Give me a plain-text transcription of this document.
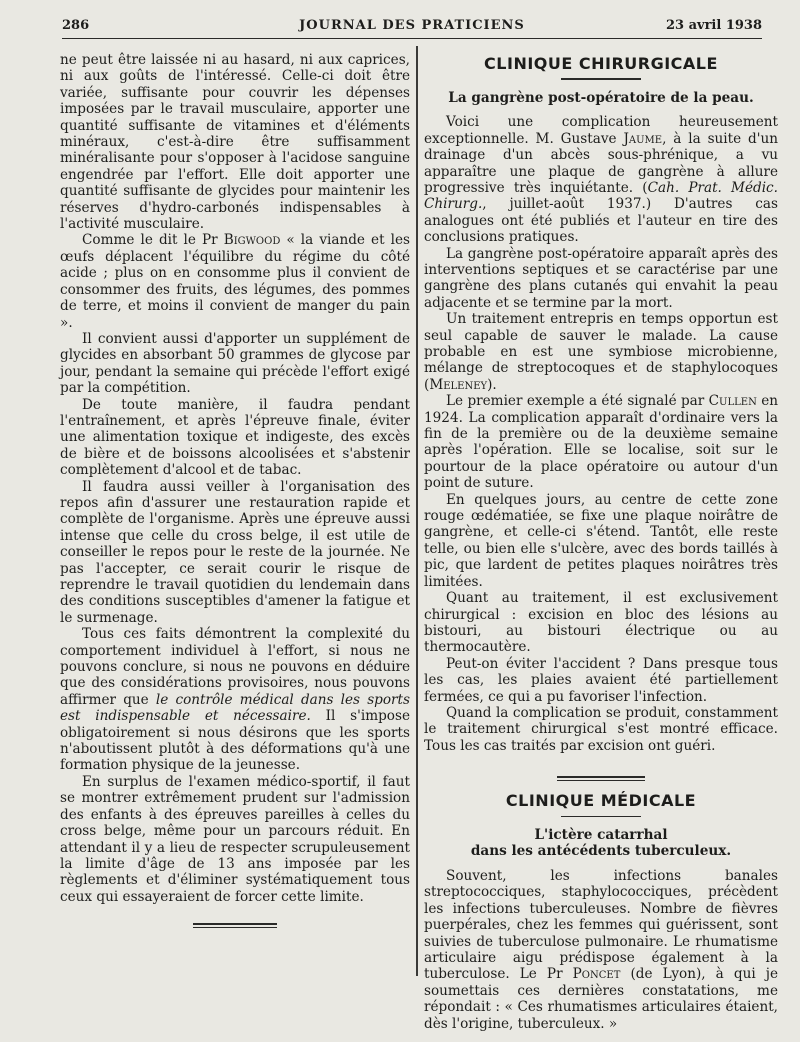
286	JOURNAL DES PRATICIENS	23 avril 1938

ne peut être laissée ni au hasard, ni aux caprices, ni aux goûts de l'intéressé. Celle-ci doit être variée, suffisante pour couvrir les dépenses imposées par le travail musculaire, apporter une quantité suffisante de vitamines et d'éléments minéraux, c'est-à-dire être suffisamment minéralisante pour s'opposer à l'acidose sanguine engendrée par l'effort. Elle doit apporter une quantité suffisante de glycides pour maintenir les réserves d'hydro-carbonés indispensables à l'activité musculaire.

Comme le dit le Pr Bigwood « la viande et les œufs déplacent l'équilibre du régime du côté acide ; plus on en consomme plus il convient de consommer des fruits, des légumes, des pommes de terre, et moins il convient de manger du pain ».

Il convient aussi d'apporter un supplément de glycides en absorbant 50 grammes de glycose par jour, pendant la semaine qui précède l'effort exigé par la compétition.

De toute manière, il faudra pendant l'entraînement, et après l'épreuve finale, éviter une alimentation toxique et indigeste, des excès de bière et de boissons alcoolisées et s'abstenir complètement d'alcool et de tabac.

Il faudra aussi veiller à l'organisation des repos afin d'assurer une restauration rapide et complète de l'organisme. Après une épreuve aussi intense que celle du cross belge, il est utile de conseiller le repos pour le reste de la journée. Ne pas l'accepter, ce serait courir le risque de reprendre le travail quotidien du lendemain dans des conditions susceptibles d'amener la fatigue et le surmenage.

Tous ces faits démontrent la complexité du comportement individuel à l'effort, si nous ne pouvons conclure, si nous ne pouvons en déduire que des considérations provisoires, nous pouvons affirmer que le contrôle médical dans les sports est indispensable et nécessaire. Il s'impose obligatoirement si nous désirons que les sports n'aboutissent plutôt à des déformations qu'à une formation physique de la jeunesse.

En surplus de l'examen médico-sportif, il faut se montrer extrêmement prudent sur l'admission des enfants à des épreuves pareilles à celles du cross belge, même pour un parcours réduit. En attendant il y a lieu de respecter scrupuleusement la limite d'âge de 13 ans imposée par les règlements et d'éliminer systématiquement tous ceux qui essayeraient de forcer cette limite.

CLINIQUE CHIRURGICALE
La gangrène post-opératoire de la peau.

Voici une complication heureusement exceptionnelle. M. Gustave Jaume, à la suite d'un drainage d'un abcès sous-phrénique, a vu apparaître une plaque de gangrène à allure progressive très inquiétante. (Cah. Prat. Médic. Chirurg., juillet-août 1937.) D'autres cas analogues ont été publiés et l'auteur en tire des conclusions pratiques.

La gangrène post-opératoire apparaît après des interventions septiques et se caractérise par une gangrène des plans cutanés qui envahit la peau adjacente et se termine par la mort.

Un traitement entrepris en temps opportun est seul capable de sauver le malade. La cause probable en est une symbiose microbienne, mélange de streptocoques et de staphylocoques (Meleney).

Le premier exemple a été signalé par Cullen en 1924. La complication apparaît d'ordinaire vers la fin de la première ou de la deuxième semaine après l'opération. Elle se localise, soit sur le pourtour de la place opératoire ou autour d'un point de suture.

En quelques jours, au centre de cette zone rouge œdématiée, se fixe une plaque noirâtre de gangrène, et celle-ci s'étend. Tantôt, elle reste telle, ou bien elle s'ulcère, avec des bords taillés à pic, que lardent de petites plaques noirâtres très limitées.

Quant au traitement, il est exclusivement chirurgical : excision en bloc des lésions au bistouri, au bistouri électrique ou au thermocautère.

Peut-on éviter l'accident ? Dans presque tous les cas, les plaies avaient été partiellement fermées, ce qui a pu favoriser l'infection.

Quand la complication se produit, constamment le traitement chirurgical s'est montré efficace. Tous les cas traités par excision ont guéri.

CLINIQUE MÉDICALE
L'ictère catarrhal
dans les antécédents tuberculeux.

Souvent, les infections banales streptococciques, staphylococciques, précèdent les infections tuberculeuses. Nombre de fièvres puerpérales, chez les femmes qui guérissent, sont suivies de tuberculose pulmonaire. Le rhumatisme articulaire aigu prédispose également à la tuberculose. Le Pr Poncet (de Lyon), à qui je soumettais ces dernières constatations, me répondait : « Ces rhumatismes articulaires étaient, dès l'origine, tuberculeux. »
